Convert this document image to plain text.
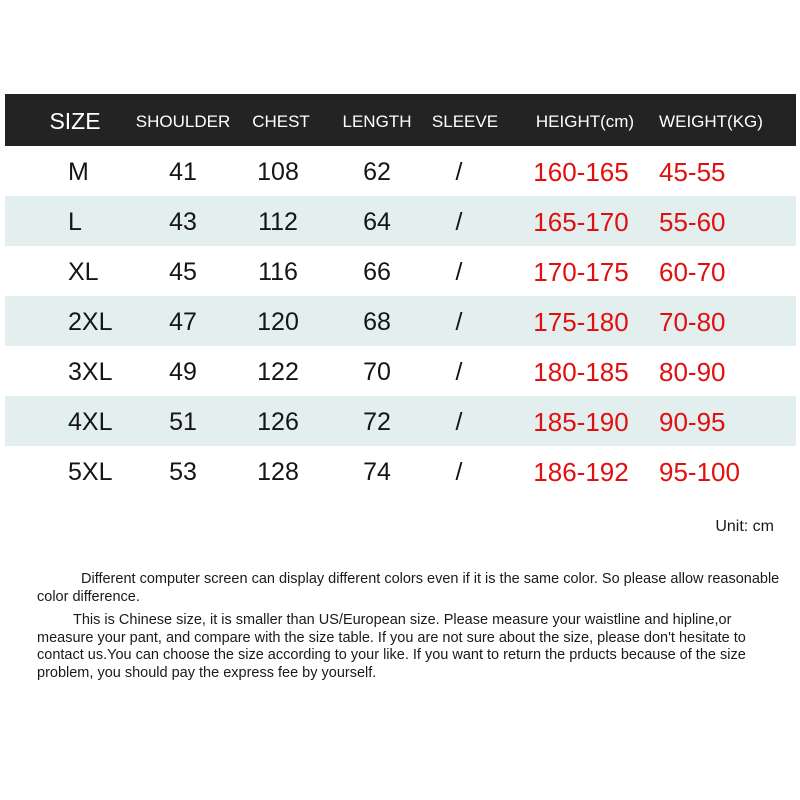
SIZE SHOULDER CHEST LENGTH SLEEVE HEIGHT(cm) WEIGHT(KG)
M	41 108	62	/	160-165 45-55
L	43 112	64	/	165-170 55-60
XL	45 116	66	/	170-175 60-70
2XL 47 120	68	/	175-180 70-80
3XL 49 122	70	/	180-185 80-90
4XL 51 126	72	/	185-190 90-95
5XL 53 128	74	/	186-192 95-100
Unit: cm

Different computer screen can display different colors even if it is the same color. So please allow reasonable color difference.

This is Chinese size, it is smaller than US/European size. Please measure your waistline and hipline,or measure your pant, and compare with the size table. If you are not sure about the size, please don't hesitate to contact us.You can choose the size according to your like. If you want to return the prducts because of the size problem, you should pay the express fee by yourself.
